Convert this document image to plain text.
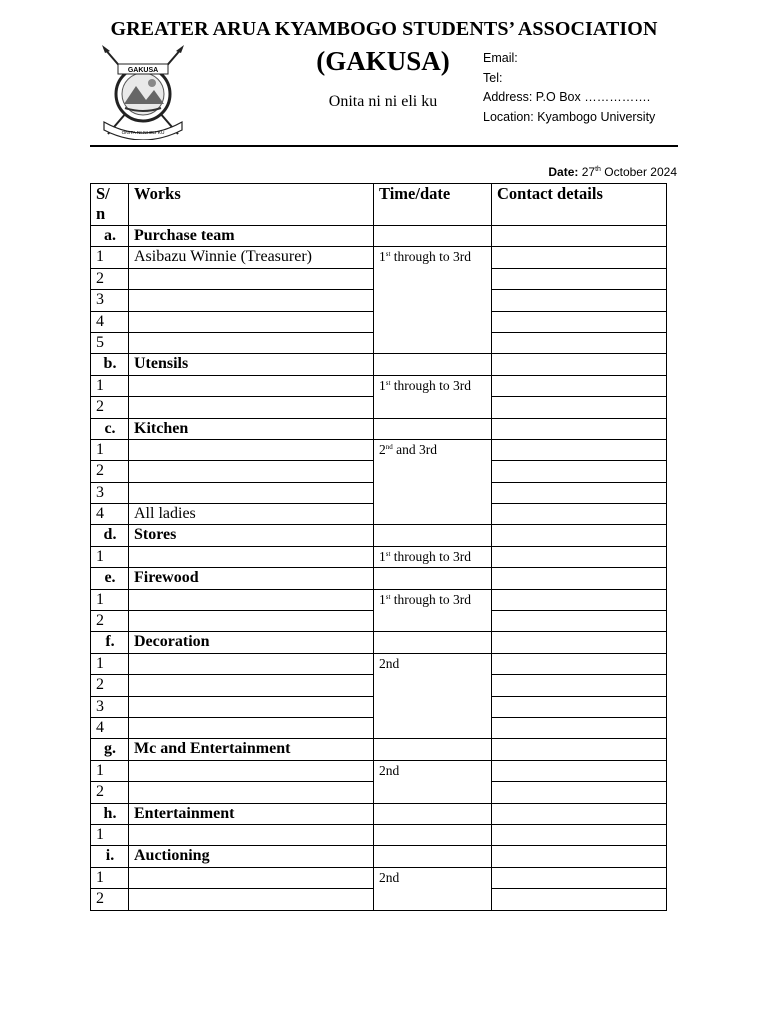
GREATER ARUA KYAMBOGO STUDENTS’ ASSOCIATION
GAKUSA
ONITA NI NI ELI KU
(GAKUSA)
Onita ni ni eli ku
Email:
Tel:
Address: P.O Box …………….
Location: Kyambogo University
Date: 27th October 2024
S/
n	Works	Time/date	Contact details
a.	Purchase team		
1	Asibazu Winnie (Treasurer)	1st through to 3rd	
2			
3			
4			
5			
b.	Utensils		
1		1st through to 3rd	
2			
c.	Kitchen		
1		2nd and 3rd	
2			
3			
4	All ladies		
d.	Stores		
1		1st through to 3rd	
e.	Firewood		
1		1st through to 3rd	
2			
f.	Decoration		
1		2nd	
2			
3			
4			
g.	Mc and Entertainment		
1		2nd	
2			
h.	Entertainment		
1			
i.	Auctioning		
1		2nd	
2			
